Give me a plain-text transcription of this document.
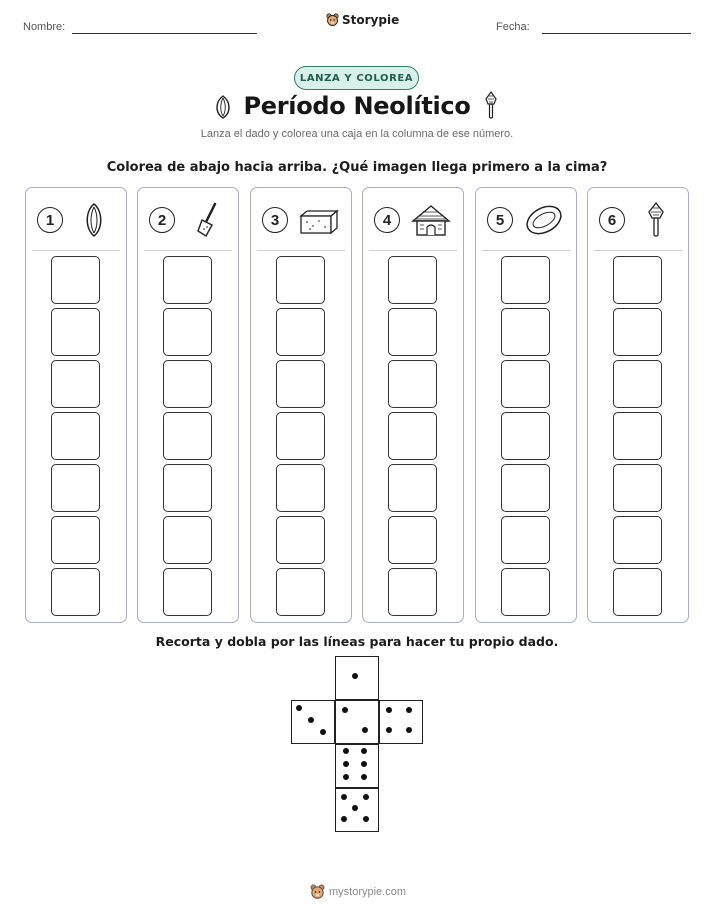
Nombre:	Storypie	Fecha:
LANZA Y COLOREA
Período Neolítico
Lanza el dado y colorea una caja en la columna de ese número.
Colorea de abajo hacia arriba. ¿Qué imagen llega primero a la cima?
1	2	3	4	5	6
Recorta y dobla por las líneas para hacer tu propio dado.
mystorypie.com
